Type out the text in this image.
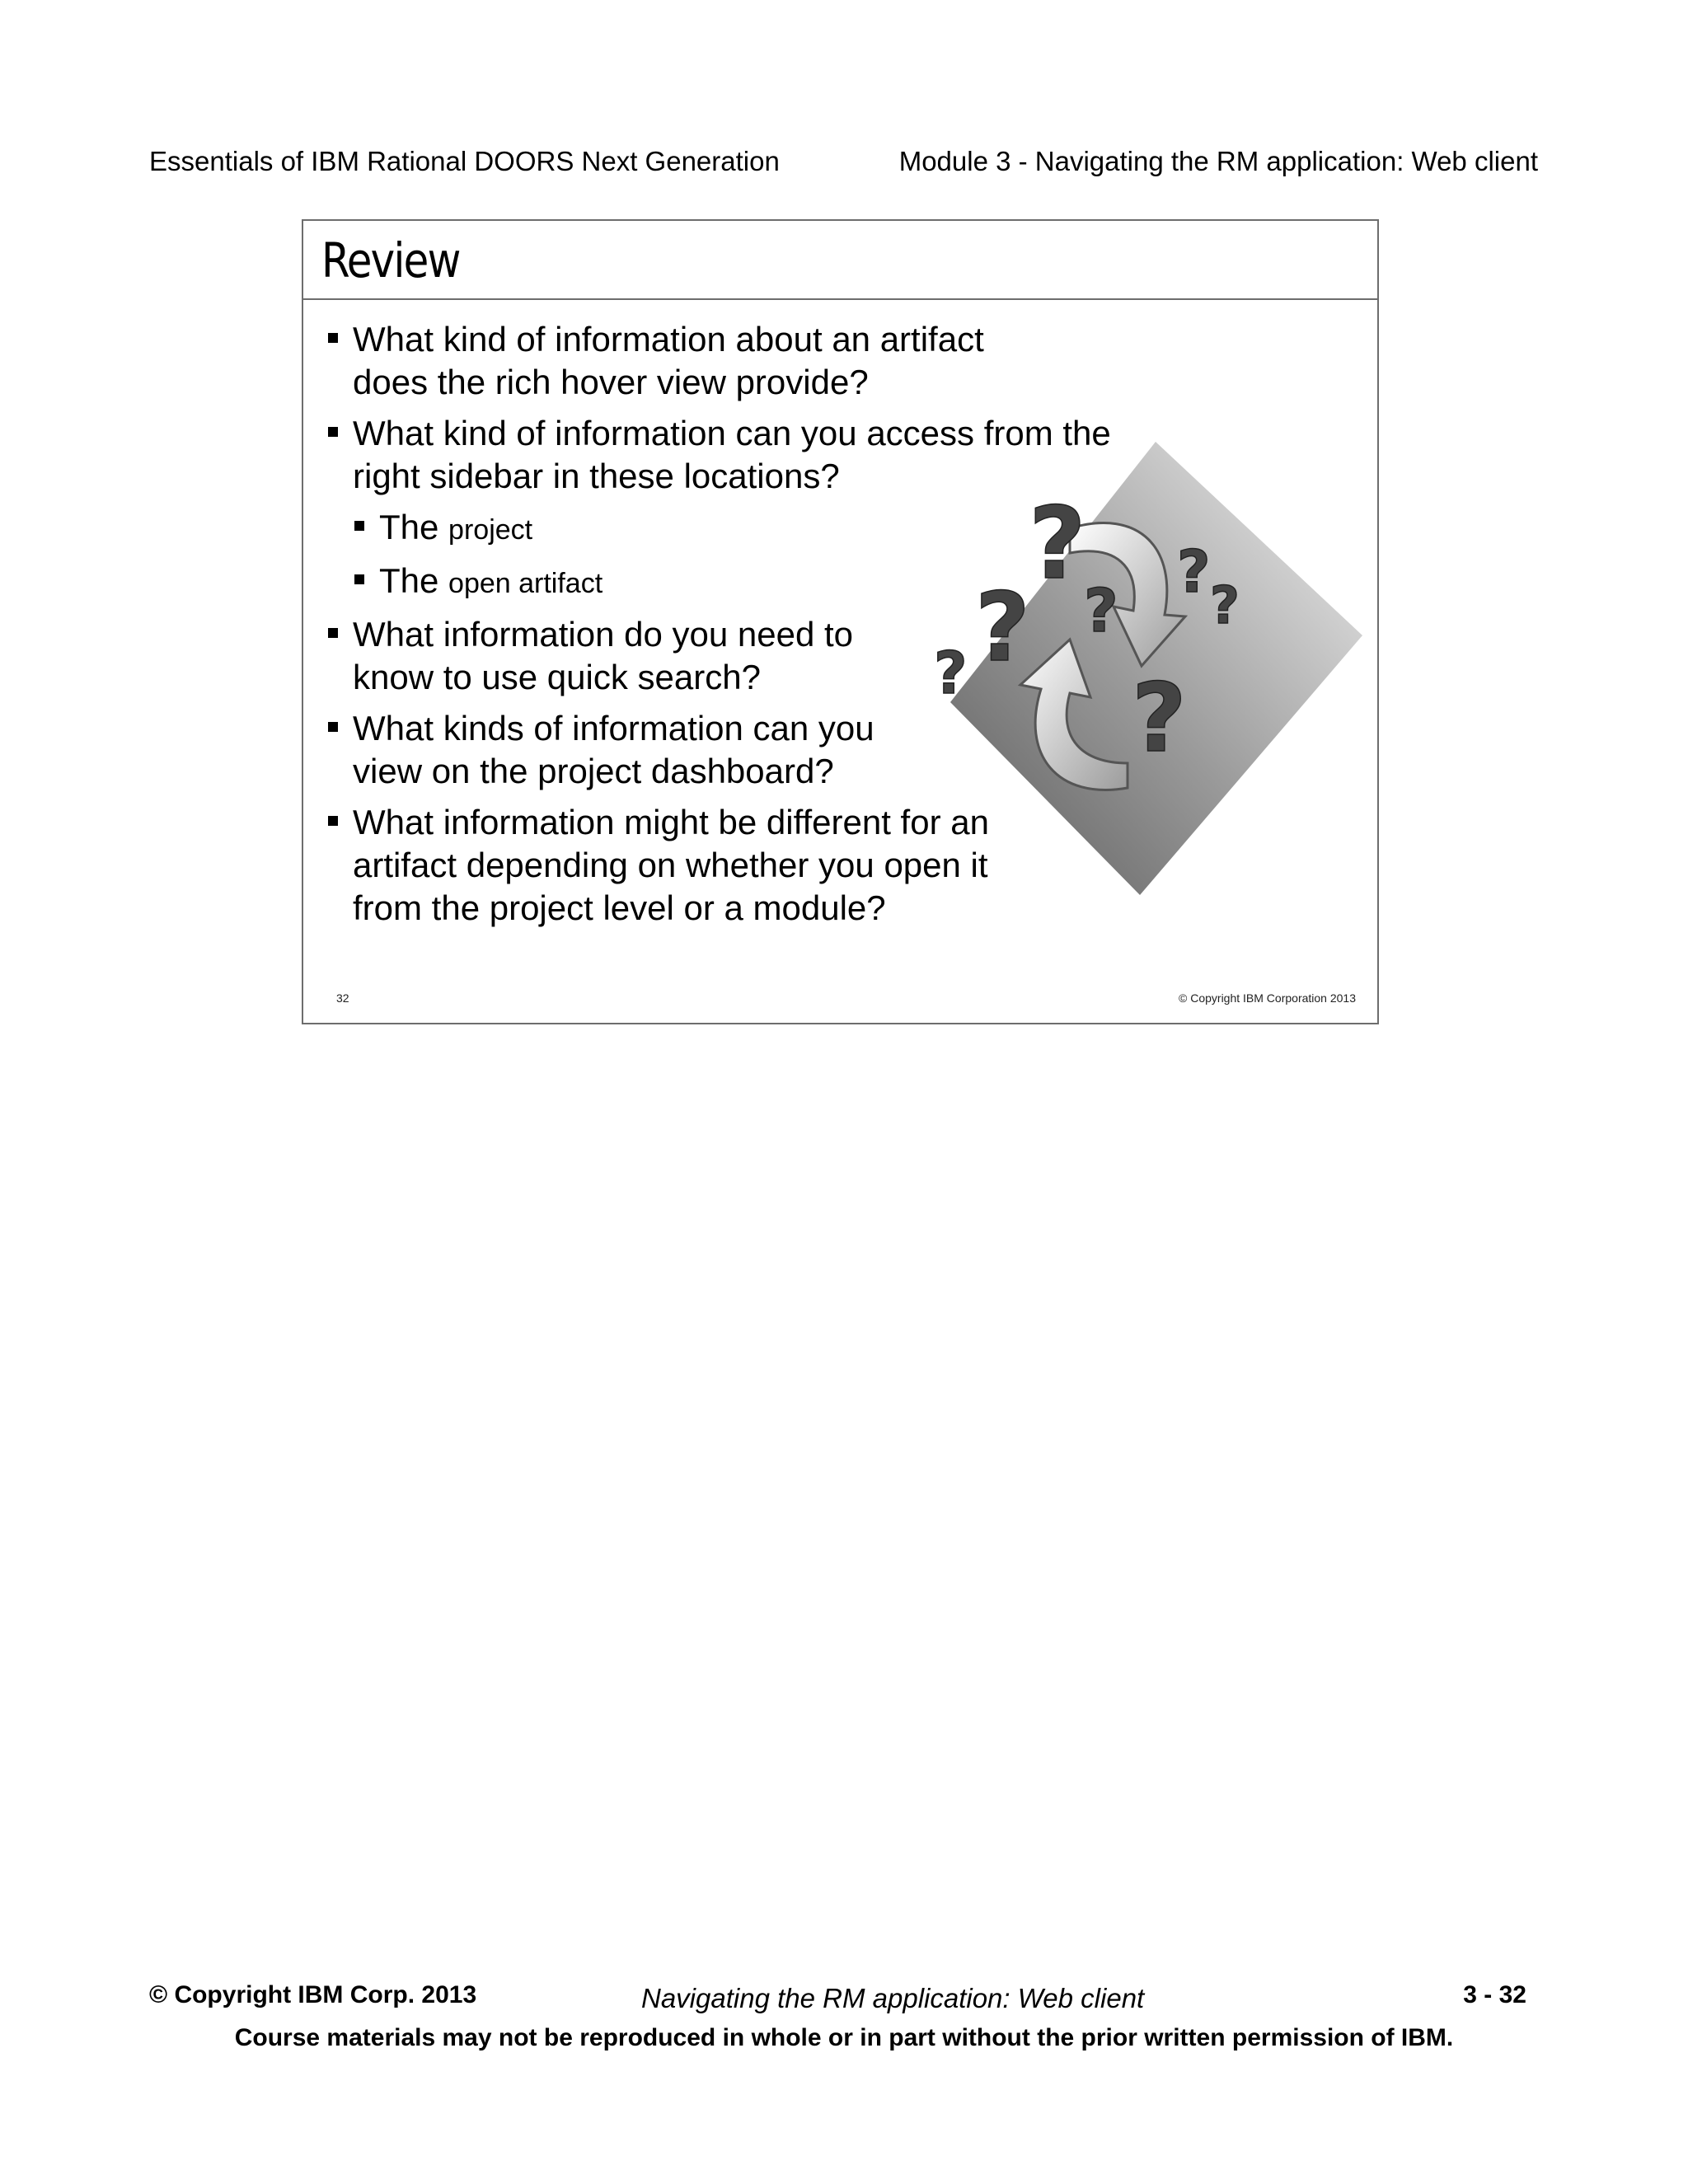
Essentials of IBM Rational DOORS Next Generation	Module 3 - Navigating the RM application: Web client
Review
?
?
?
?
?
? ?
What kind of information about an artifact does the rich hover view provide?
What kind of information can you access from the right sidebar in these locations?
The project
The open artifact
What information do you need to know to use quick search?
What kinds of information can you view on the project dashboard?
What information might be different for an artifact depending on whether you open it from the project level or a module?
32	© Copyright IBM Corporation 2013
© Copyright IBM Corp. 2013	Navigating the RM application: Web client	3 - 32
Course materials may not be reproduced in whole or in part without the prior written permission of IBM.
